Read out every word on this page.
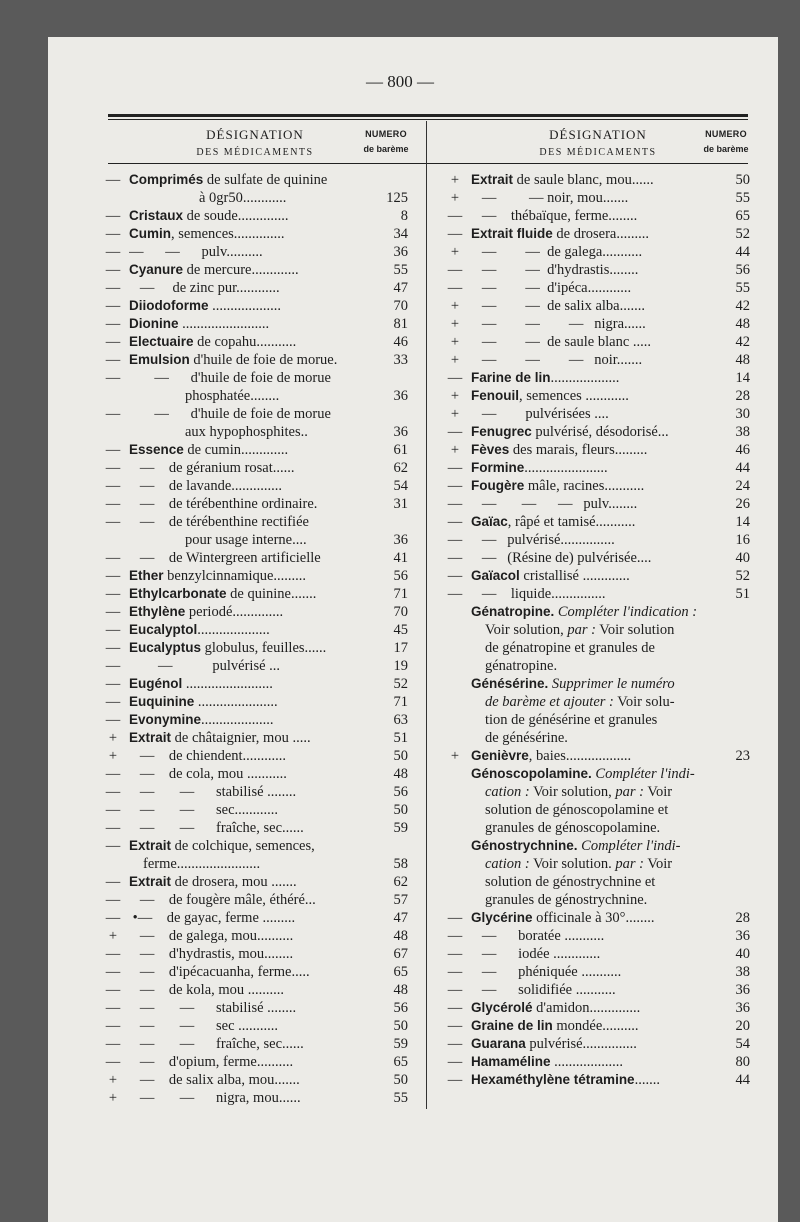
— 800 —
DÉSIGNATION
DES MÉDICAMENTS
NUMERO
de barème
DÉSIGNATION
DES MÉDICAMENTS
NUMERO
de barème
— Comprimés de sulfate de quinine
à 0gr50............	125
— Cristaux de soude..............	8
— Cumin, semences..............	34
— —      —      pulv..........	36
— Cyanure de mercure.............	55
— —     de zinc pur............	47
— Diiodoforme ...................	70
— Dionine ........................	81
— Electuaire de copahu...........	46
— Emulsion d'huile de foie de morue.	33
— —      d'huile de foie de morue
phosphatée........	36
— —      d'huile de foie de morue
aux hypophosphites..	36
— Essence de cumin.............	61
— —    de géranium rosat......	62
— —    de lavande..............	54
— —    de térébenthine ordinaire.	31
— —    de térébenthine rectifiée
pour usage interne....	36
— —    de Wintergreen artificielle	41
— Ether benzylcinnamique.........	56
— Ethylcarbonate de quinine.......	71
— Ethylène periodé..............	70
— Eucalyptol....................	45
— Eucalyptus globulus, feuilles......	17
— —           pulvérisé ...	19
— Eugénol ........................	52
— Euquinine ......................	71
— Evonymine....................	63
+ Extrait de châtaignier, mou .....	51
+ —    de chiendent............	50
— —    de cola, mou ...........	48
— —       —      stabilisé ........	56
— —       —      sec............	50
— —       —      fraîche, sec......	59
— Extrait de colchique, semences,
ferme.......................	58
— Extrait de drosera, mou .......	62
— —    de fougère mâle, éthéré...	57
— •—    de gayac, ferme .........	47
+ —    de galega, mou..........	48
— —    d'hydrastis, mou........	67
— —    d'ipécacuanha, ferme.....	65
— —    de kola, mou ..........	48
— —       —      stabilisé ........	56
— —       —      sec ...........	50
— —       —      fraîche, sec......	59
— —    d'opium, ferme..........	65
+ —    de salix alba, mou.......	50
+ —       —      nigra, mou......	55
+ Extrait de saule blanc, mou......	50
+ —         — noir, mou.......	55
— —    thébaïque, ferme........	65
— Extrait fluide de drosera.........	52
+ —        —  de galega...........	44
— —        —  d'hydrastis........	56
— —        —  d'ipéca............	55
+ —        —  de salix alba.......	42
+ —        —        —   nigra......	48
+ —        —  de saule blanc .....	42
+ —        —        —   noir.......	48
— Farine de lin...................	14
+ Fenouil, semences ............	28
+ —        pulvérisées ....	30
— Fenugrec pulvérisé, désodorisé...	38
+ Fèves des marais, fleurs.........	46
— Formine.......................	44
— Fougère mâle, racines...........	24
— —       —      —   pulv........	26
— Gaïac, râpé et tamisé...........	14
— —   pulvérisé...............	16
— —   (Résine de) pulvérisée....	40
— Gaïacol cristallisé .............	52
— —    liquide...............	51
Génatropine. Compléter l'indication :
Voir solution, par : Voir solution
de génatropine et granules de
génatropine.
Génésérine. Supprimer le numéro
de barème et ajouter : Voir solu-
tion de génésérine et granules
de génésérine.
+ Genièvre, baies..................	23
Génoscopolamine. Compléter l'indi-
cation : Voir solution, par : Voir
solution de génoscopolamine et
granules de génoscopolamine.
Génostrychnine. Compléter l'indi-
cation : Voir solution. par : Voir
solution de génostrychnine et
granules de génostrychnine.
— Glycérine officinale à 30°........	28
— —      boratée ...........	36
— —      iodée .............	40
— —      phéniquée ...........	38
— —      solidifiée ...........	36
— Glycérolé d'amidon..............	36
— Graine de lin mondée..........	20
— Guarana pulvérisé...............	54
— Hamaméline ...................	80
— Hexaméthylène tétramine.......	44
